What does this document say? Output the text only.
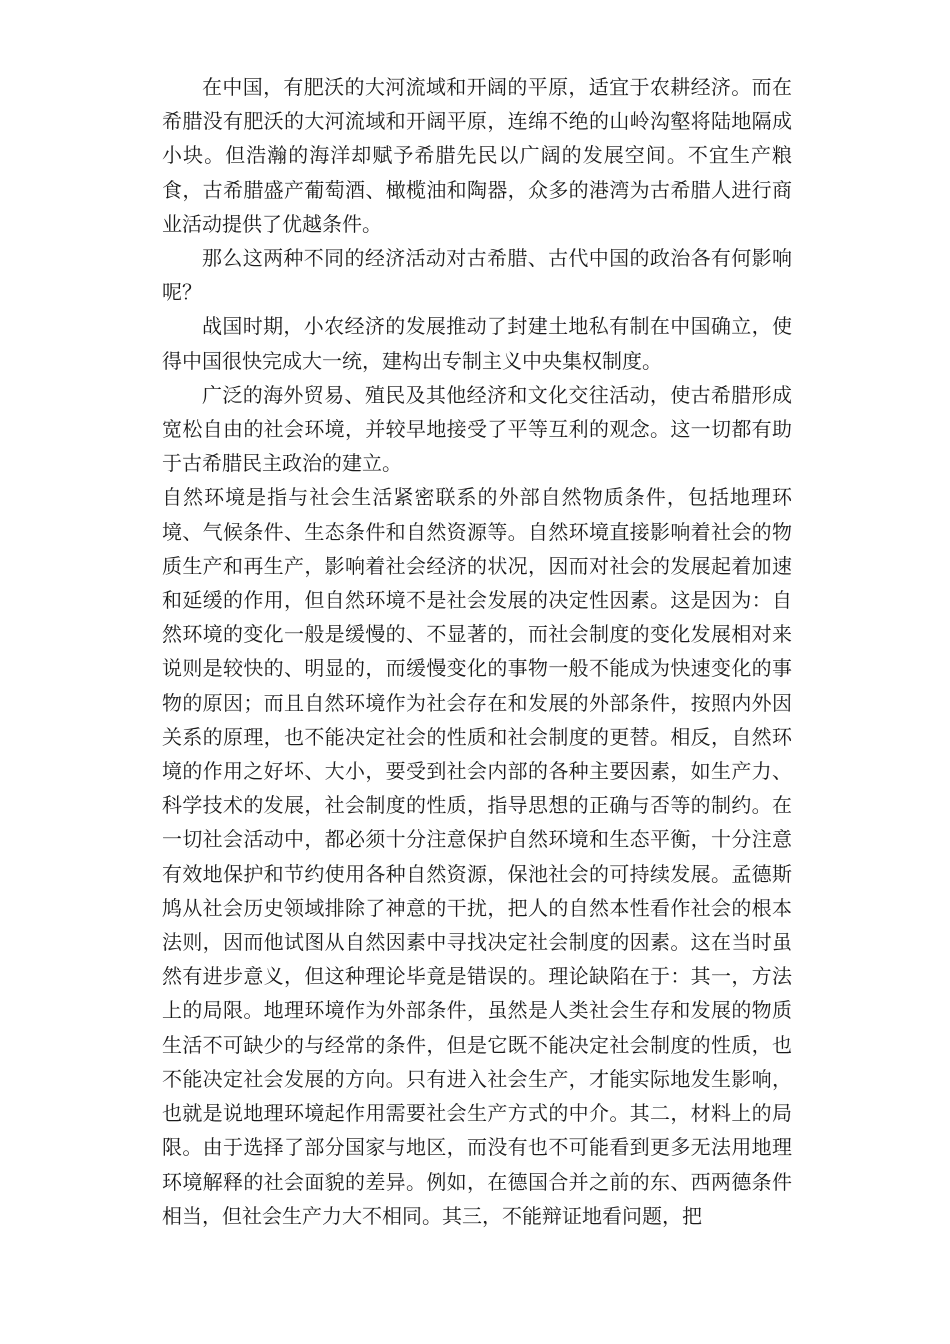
在中国，有肥沃的大河流域和开阔的平原，适宜于农耕经济。而在希腊没有肥沃的大河流域和开阔平原，连绵不绝的山岭沟壑将陆地隔成小块。但浩瀚的海洋却赋予希腊先民以广阔的发展空间。不宜生产粮食，古希腊盛产葡萄酒、橄榄油和陶器，众多的港湾为古希腊人进行商业活动提供了优越条件。

那么这两种不同的经济活动对古希腊、古代中国的政治各有何影响呢？

战国时期，小农经济的发展推动了封建土地私有制在中国确立，使得中国很快完成大一统，建构出专制主义中央集权制度。

广泛的海外贸易、殖民及其他经济和文化交往活动，使古希腊形成宽松自由的社会环境，并较早地接受了平等互利的观念。这一切都有助于古希腊民主政治的建立。

自然环境是指与社会生活紧密联系的外部自然物质条件，包括地理环境、气候条件、生态条件和自然资源等。自然环境直接影响着社会的物质生产和再生产，影响着社会经济的状况，因而对社会的发展起着加速和延缓的作用，但自然环境不是社会发展的决定性因素。这是因为：自然环境的变化一般是缓慢的、不显著的，而社会制度的变化发展相对来说则是较快的、明显的，而缓慢变化的事物一般不能成为快速变化的事物的原因；而且自然环境作为社会存在和发展的外部条件，按照内外因关系的原理，也不能决定社会的性质和社会制度的更替。相反，自然环境的作用之好坏、大小，要受到社会内部的各种主要因素，如生产力、科学技术的发展，社会制度的性质，指导思想的正确与否等的制约。在一切社会活动中，都必须十分注意保护自然环境和生态平衡，十分注意有效地保护和节约使用各种自然资源，保池社会的可持续发展。孟德斯鸠从社会历史领域排除了神意的干扰，把人的自然本性看作社会的根本法则，因而他试图从自然因素中寻找决定社会制度的因素。这在当时虽然有进步意义，但这种理论毕竟是错误的。理论缺陷在于：其一，方法上的局限。地理环境作为外部条件，虽然是人类社会生存和发展的物质生活不可缺少的与经常的条件，但是它既不能决定社会制度的性质，也不能决定社会发展的方向。只有进入社会生产，才能实际地发生影响，也就是说地理环境起作用需要社会生产方式的中介。其二，材料上的局限。由于选择了部分国家与地区，而没有也不可能看到更多无法用地理环境解释的社会面貌的差异。例如，在德国合并之前的东、西两德条件相当，但社会生产力大不相同。其三，不能辩证地看问题，把
